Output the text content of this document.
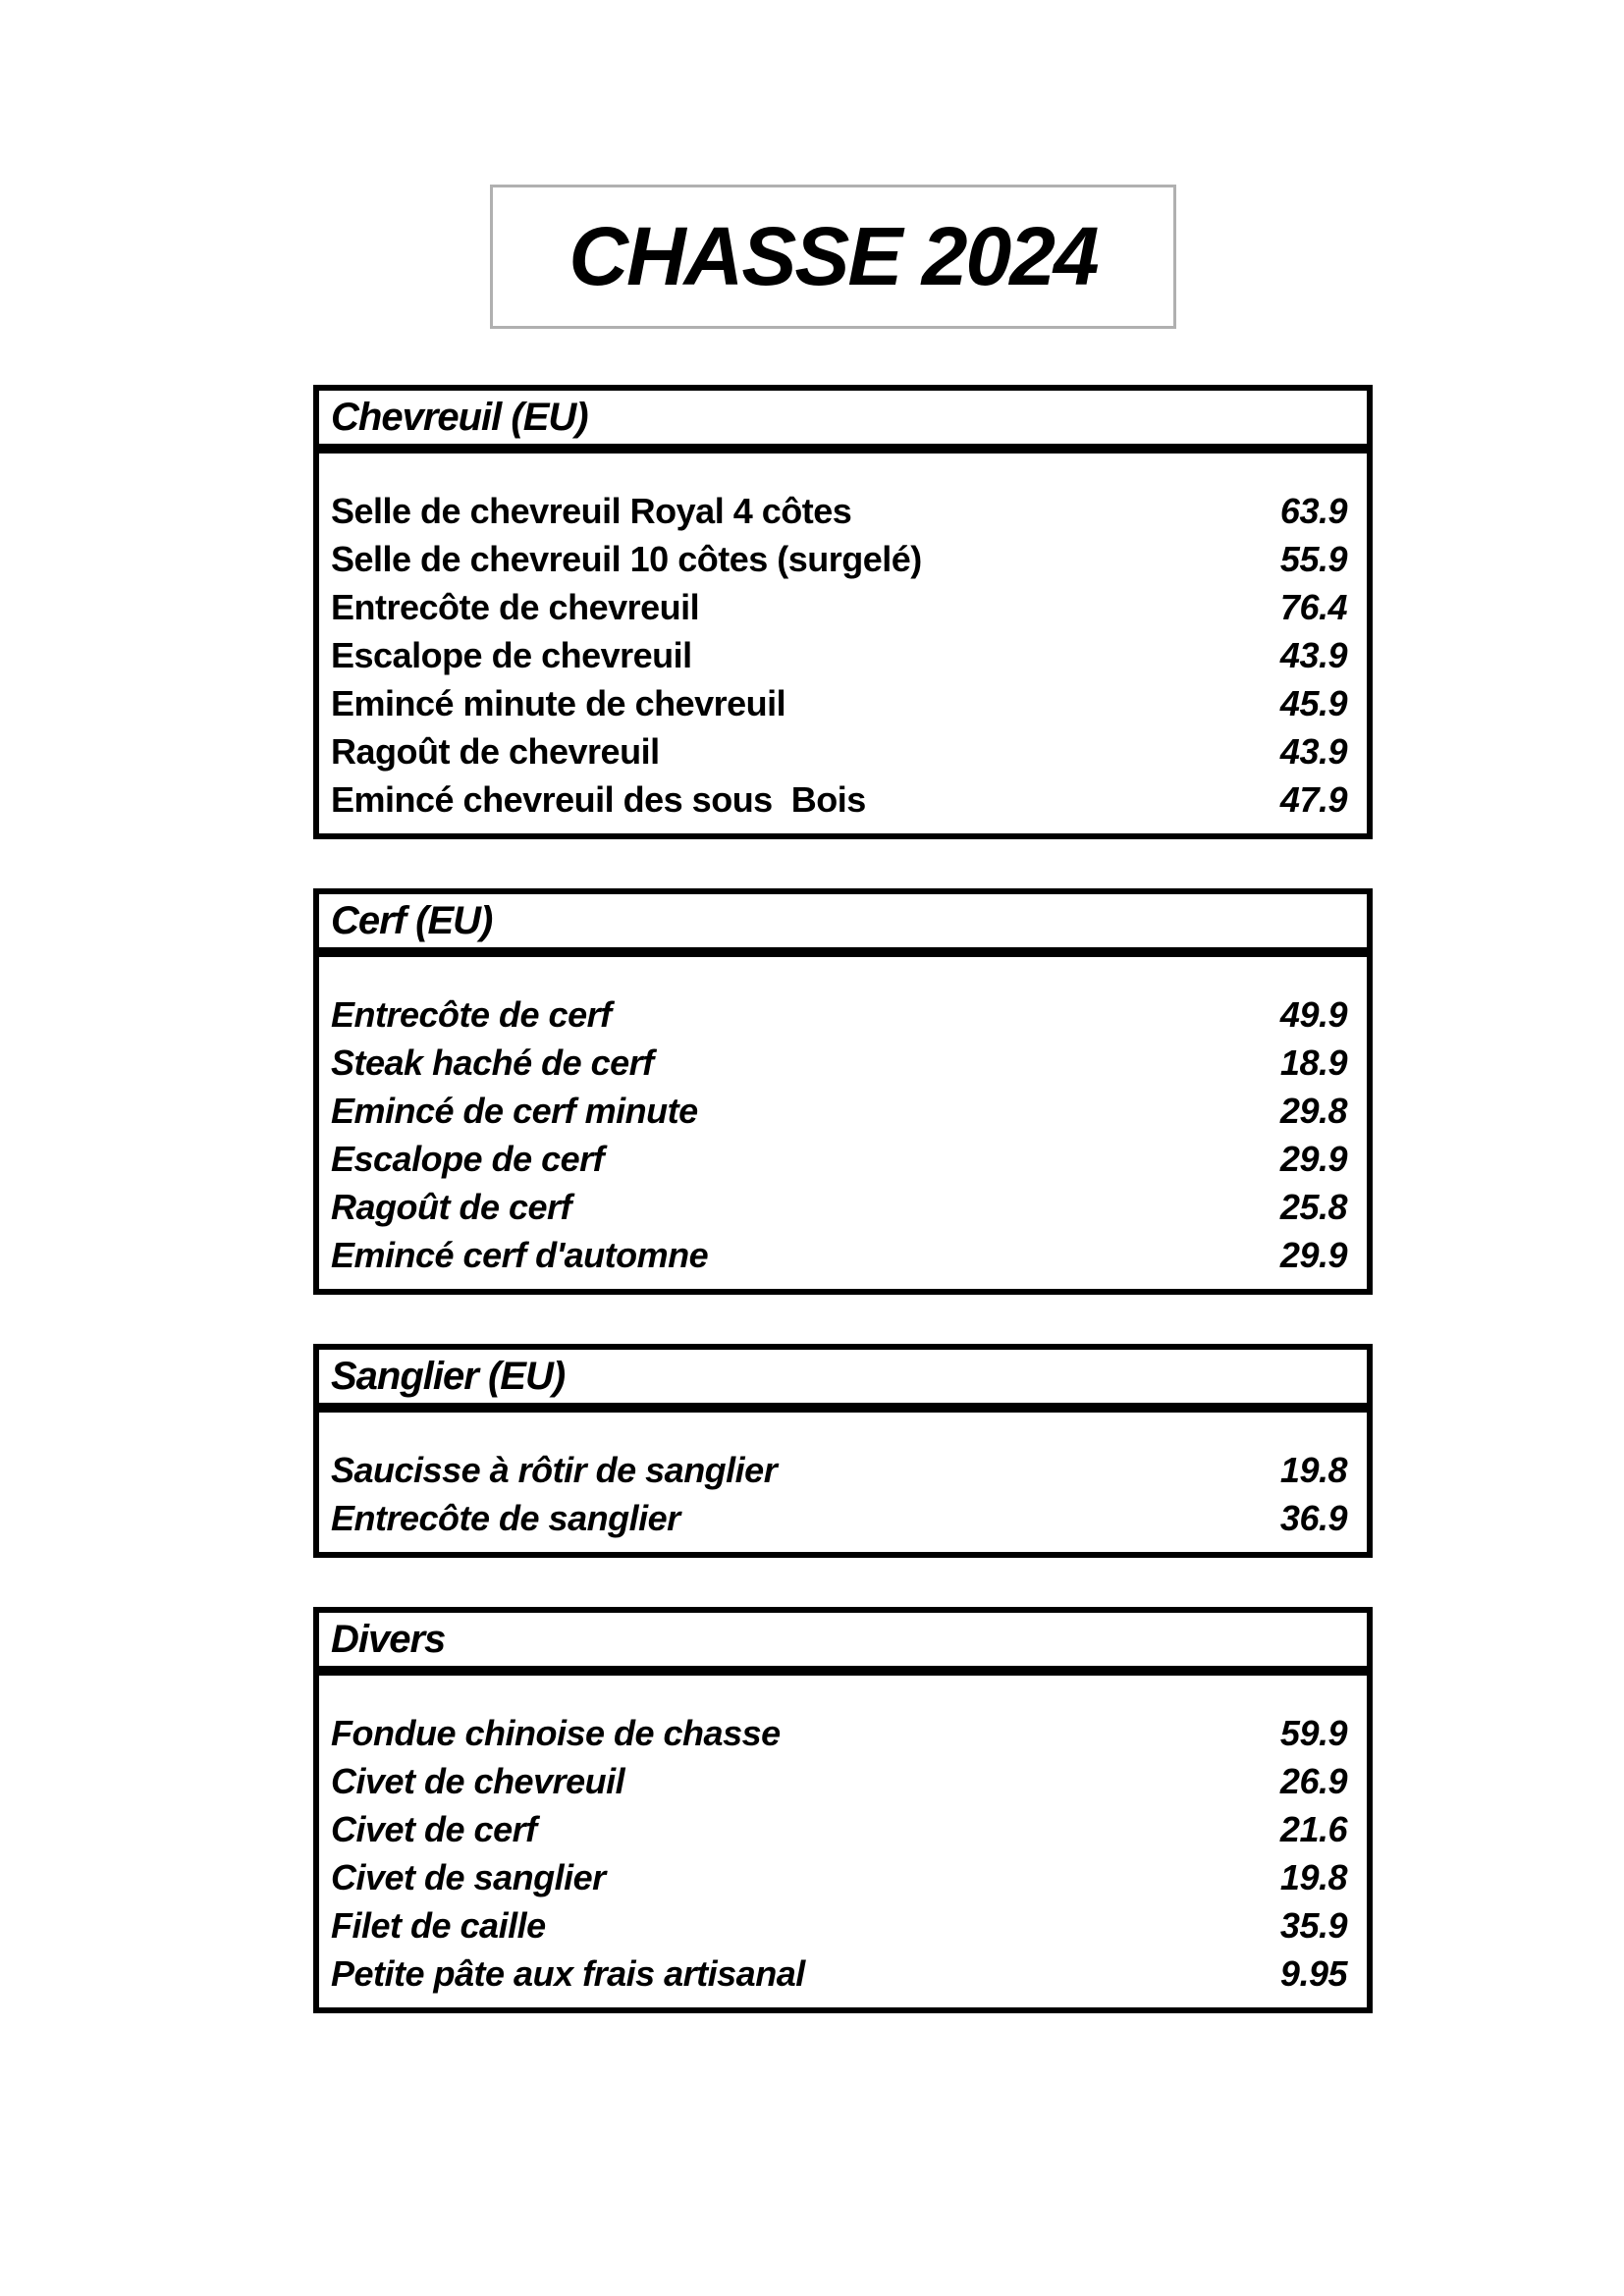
CHASSE 2024
Chevreuil (EU)
Selle de chevreuil Royal 4 côtes	63.9
Selle de chevreuil 10 côtes (surgelé)	55.9
Entrecôte de chevreuil	76.4
Escalope de chevreuil	43.9
Emincé minute de chevreuil	45.9
Ragoût de chevreuil	43.9
Emincé chevreuil des sous  Bois	47.9
Cerf (EU)
Entrecôte de cerf	49.9
Steak haché de cerf	18.9
Emincé de cerf minute	29.8
Escalope de cerf	29.9
Ragoût de cerf	25.8
Emincé cerf d'automne	29.9
Sanglier (EU)
Saucisse à rôtir de sanglier	19.8
Entrecôte de sanglier	36.9
Divers
Fondue chinoise de chasse	59.9
Civet de chevreuil	26.9
Civet de cerf	21.6
Civet de sanglier	19.8
Filet de caille	35.9
Petite pâte aux frais artisanal	9.95
